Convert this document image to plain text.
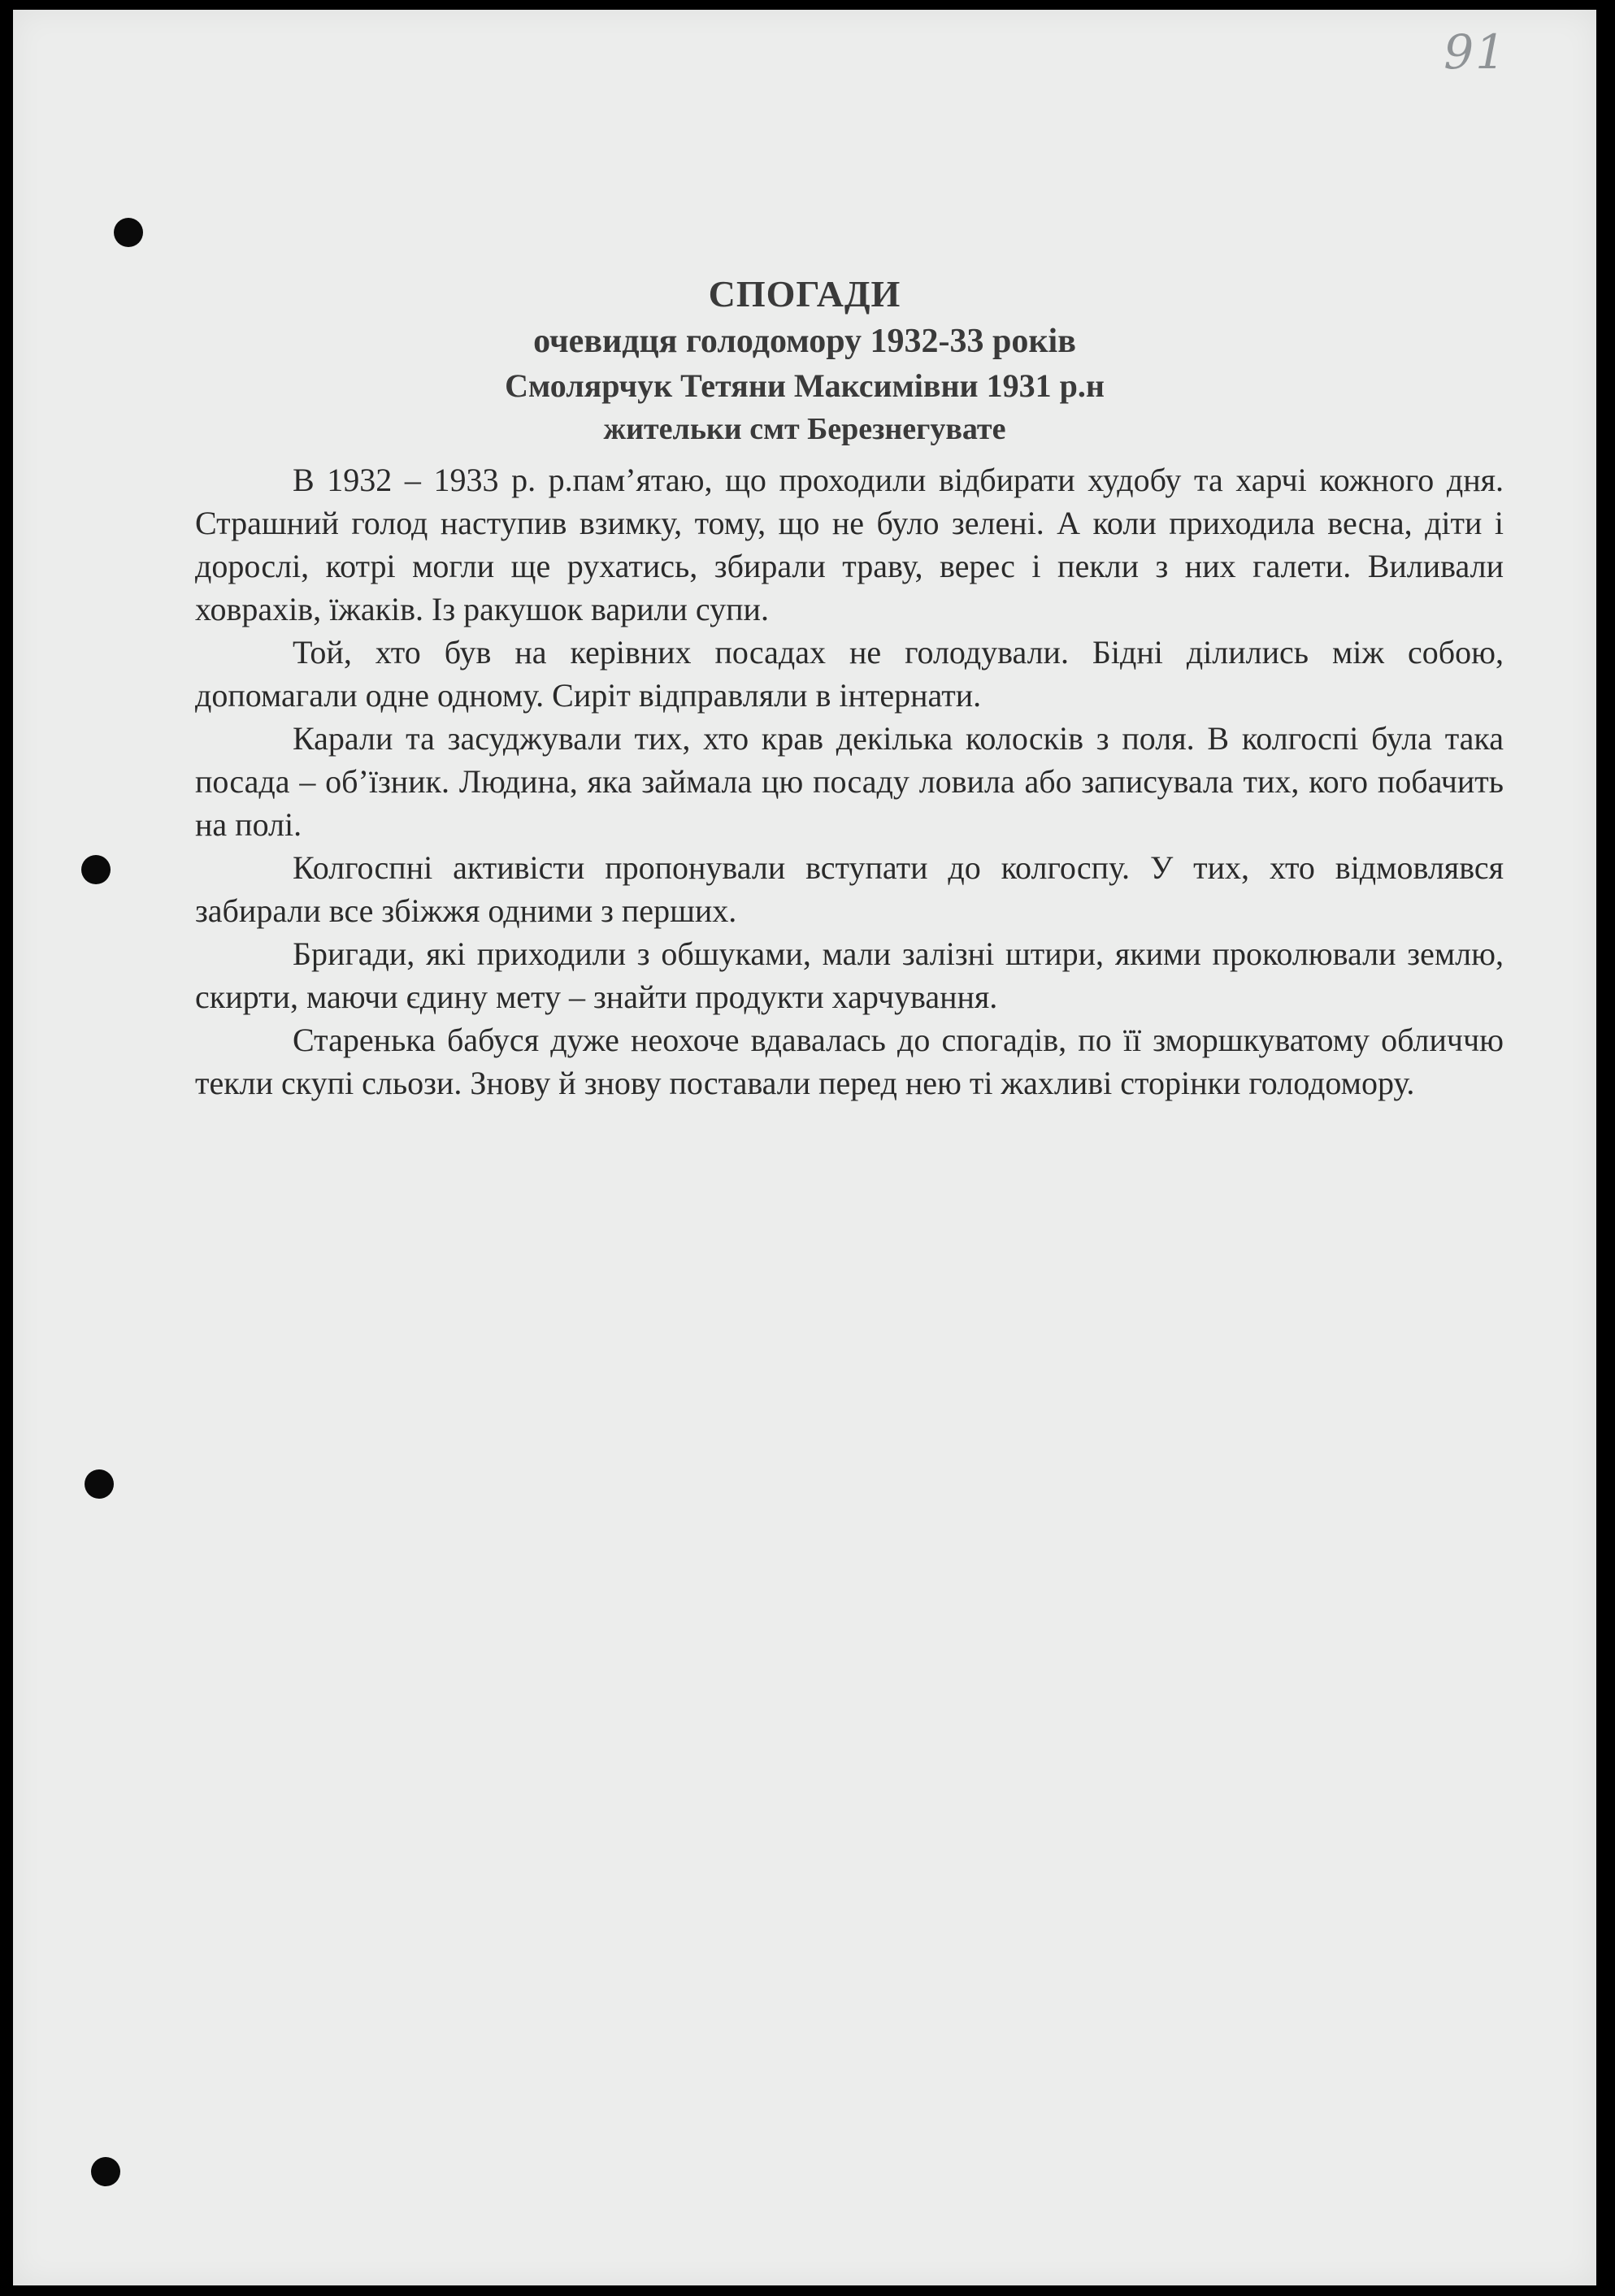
91
СПОГАДИ
очевидця голодомору 1932-33 років
Смолярчук Тетяни Максимівни 1931 р.н
жительки смт Березнегувате

В 1932 – 1933 р. р.пам’ятаю, що проходили відбирати худобу та харчі кожного дня. Страшний голод наступив взимку, тому, що не було зелені. А коли приходила весна, діти і дорослі, котрі могли ще рухатись, збирали траву, верес і пекли з них галети. Виливали ховрахів, їжаків. Із ракушок варили супи.

Той, хто був на керівних посадах не голодували. Бідні ділились між собою, допомагали одне одному. Сиріт відправляли в інтернати.

Карали та засуджували тих, хто крав декілька колосків з поля. В колгоспі була така посада – об’їзник. Людина, яка займала цю посаду ловила або записувала тих, кого побачить на полі.

Колгоспні активісти пропонували вступати до колгоспу. У тих, хто відмовлявся забирали все збіжжя одними з перших.

Бригади, які приходили з обшуками, мали залізні штири, якими проколювали землю, скирти, маючи єдину мету – знайти продукти харчування.

Старенька бабуся дуже неохоче вдавалась до спогадів, по її зморшкуватому обличчю текли скупі сльози. Знову й знову поставали перед нею ті жахливі сторінки голодомору.
